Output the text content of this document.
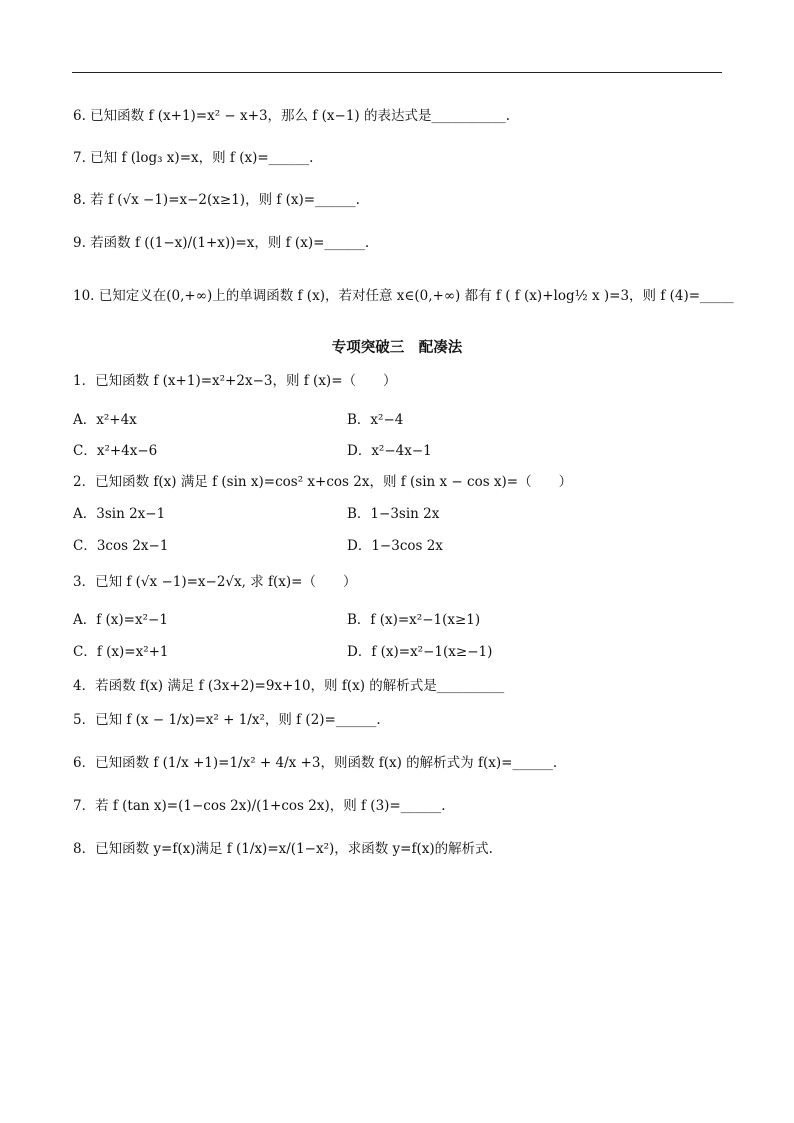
6. 已知函数 f (x+1)=x² − x+3，那么 f (x−1) 的表达式是___________.
7. 已知 f (log₃ x)=x，则 f (x)=______.
8. 若 f (√x −1)=x−2(x≥1)，则 f (x)=______.
9. 若函数 f ((1−x)/(1+x))=x，则 f (x)=______.
10. 已知定义在(0,+∞)上的单调函数 f (x)，若对任意 x∈(0,+∞) 都有 f ( f (x)+log½ x )=3，则 f (4)=_____
专项突破三　配凑法
1．已知函数 f (x+1)=x²+2x−3，则 f (x)=（　　）
A．x²+4x	B．x²−4
C．x²+4x−6	D．x²−4x−1
2．已知函数 f(x) 满足 f (sin x)=cos² x+cos 2x，则 f (sin x − cos x)=（　　）
A．3sin 2x−1	B．1−3sin 2x
C．3cos 2x−1	D．1−3cos 2x
3．已知 f (√x −1)=x−2√x, 求 f(x)=（　　）
A．f (x)=x²−1	B．f (x)=x²−1(x≥1)
C．f (x)=x²+1	D．f (x)=x²−1(x≥−1)
4．若函数 f(x) 满足 f (3x+2)=9x+10，则 f(x) 的解析式是__________
5．已知 f (x − 1/x)=x² + 1/x²，则 f (2)=______.
6．已知函数 f (1/x +1)=1/x² + 4/x +3，则函数 f(x) 的解析式为 f(x)=______.
7．若 f (tan x)=(1−cos 2x)/(1+cos 2x)，则 f (3)=______.
8．已知函数 y=f(x)满足 f (1/x)=x/(1−x²)，求函数 y=f(x)的解析式.
